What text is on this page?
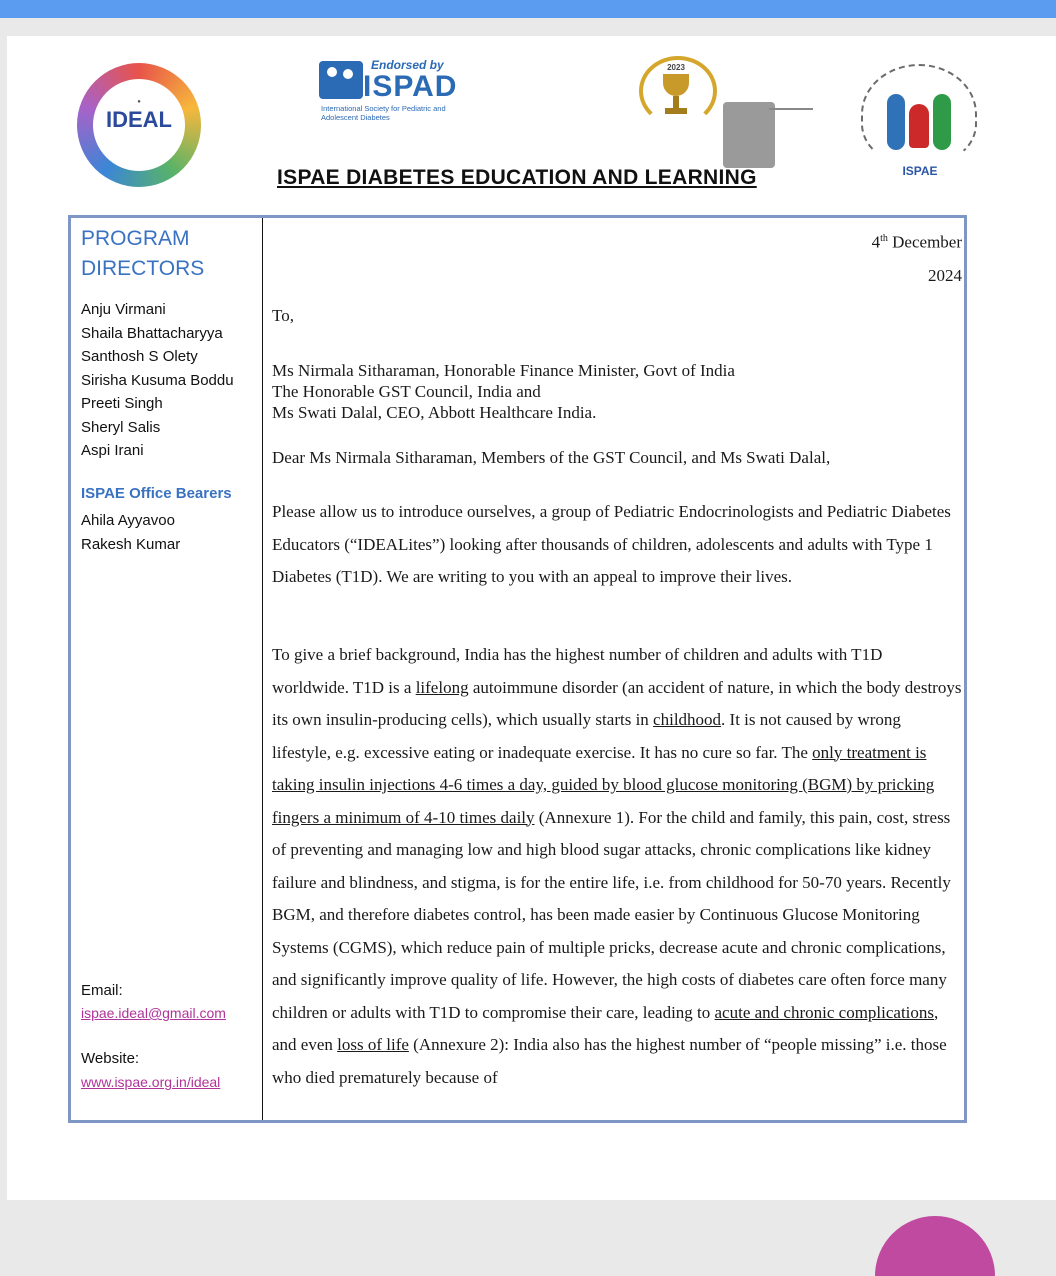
●
IDEAL
Endorsed by
ISPAD
International Society for Pediatric and Adolescent Diabetes
2023
ISPAE
ISPAE DIABETES EDUCATION AND LEARNING
PROGRAM
DIRECTORS
Anju Virmani
Shaila Bhattacharyya
Santhosh S Olety
Sirisha Kusuma Boddu
Preeti Singh
Sheryl Salis
Aspi Irani
ISPAE Office Bearers
Ahila Ayyavoo
Rakesh Kumar
Email:
ispae.ideal@gmail.com
Website:
www.ispae.org.in/ideal
4th December
2024
To,
Ms Nirmala Sitharaman, Honorable Finance Minister, Govt of India
The Honorable GST Council, India and
Ms Swati Dalal, CEO, Abbott Healthcare India.
Dear Ms Nirmala Sitharaman, Members of the GST Council, and Ms Swati Dalal,

Please allow us to introduce ourselves, a group of Pediatric Endocrinologists and Pediatric Diabetes Educators (“IDEALites”) looking after thousands of children, adolescents and adults with Type 1 Diabetes (T1D). We are writing to you with an appeal to improve their lives.

To give a brief background, India has the highest number of children and adults with T1D worldwide. T1D is a lifelong autoimmune disorder (an accident of nature, in which the body destroys its own insulin-producing cells), which usually starts in childhood. It is not caused by wrong lifestyle, e.g. excessive eating or inadequate exercise. It has no cure so far. The only treatment is taking insulin injections 4-6 times a day, guided by blood glucose monitoring (BGM) by pricking fingers a minimum of 4-10 times daily (Annexure 1). For the child and family, this pain, cost, stress of preventing and managing low and high blood sugar attacks, chronic complications like kidney failure and blindness, and stigma, is for the entire life, i.e. from childhood for 50-70 years. Recently BGM, and therefore diabetes control, has been made easier by Continuous Glucose Monitoring Systems (CGMS), which reduce pain of multiple pricks, decrease acute and chronic complications, and significantly improve quality of life. However, the high costs of diabetes care often force many children or adults with T1D to compromise their care, leading to acute and chronic complications, and even loss of life (Annexure 2): India also has the highest number of “people missing” i.e. those who died prematurely because of
